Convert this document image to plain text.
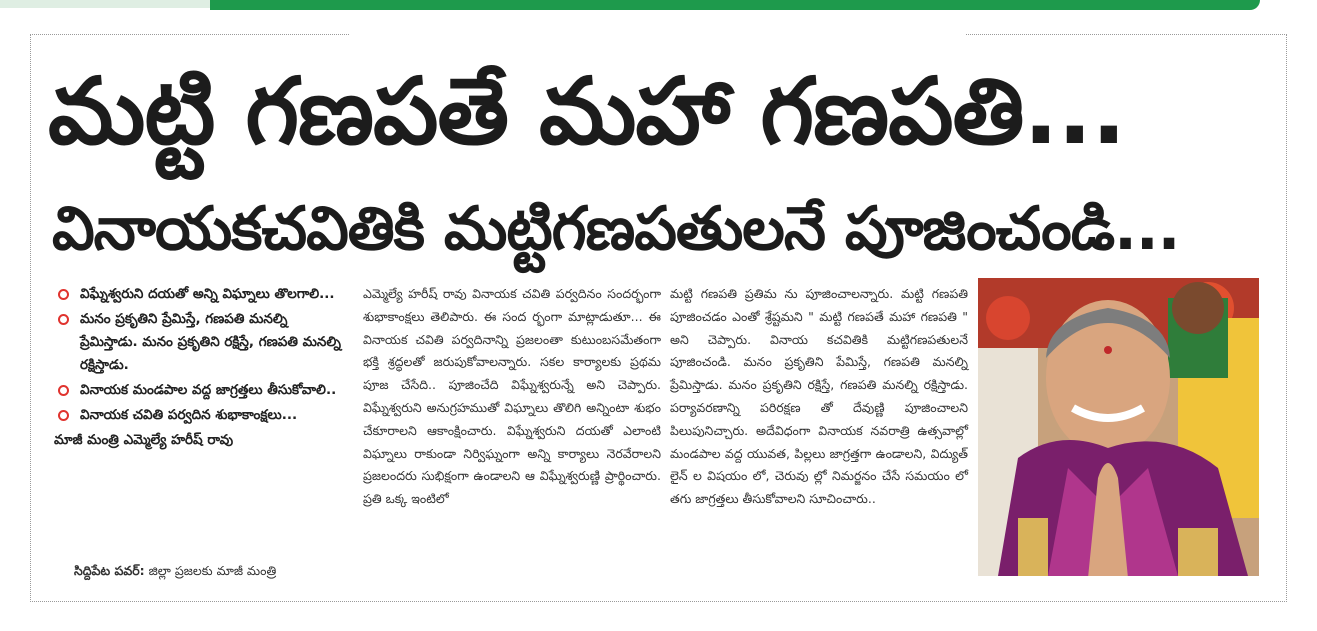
మట్టి గణపతే మహా గణపతి...
వినాయకచవితికి మట్టిగణపతులనే పూజించండి...
విఘ్నేశ్వరుని దయతో అన్ని విఘ్నాలు తొలగాలి...
మనం ప్రకృతిని ప్రేమిస్తే, గణపతి మనల్ని ప్రేమిస్తాడు. మనం ప్రకృతిని రక్షిస్తే, గణపతి మనల్ని రక్షిస్తాడు.
వినాయక మండపాల వద్ద జాగ్రత్తలు తీసుకోవాలి..
వినాయక చవితి పర్వదిన శుభాకాంక్షలు...
మాజీ మంత్రి ఎమ్మెల్యే హరీష్ రావు
సిద్దిపేట పవర్: జిల్లా ప్రజలకు మాజీ మంత్రి
ఎమ్మెల్యే హరీష్ రావు వినాయక చవితి పర్వదినం సందర్భంగా శుభాకాంక్షలు తెలిపారు. ఈ సంద ర్భంగా మాట్లాడుతూ... ఈ వినాయక చవితి పర్వదినాన్ని ప్రజలంతా కుటుంబసమేతంగా భక్తి శ్రద్ధలతో జరుపుకోవాలన్నారు. సకల కార్యాలకు ప్రథమ పూజ చేసేది.. పూజించేది విఘ్నేశ్వరున్నే అని చెప్పారు. విఘ్నేశ్వరుని అనుగ్రహముతో విఘ్నాలు తొలిగి అన్నింటా శుభం చేకూరాలని ఆకాంక్షించారు. విఘ్నేశ్వరుని దయతో ఎలాంటి విఘ్నాలు రాకుండా నిర్విఘ్నంగా అన్ని కార్యాలు నెరవేరాలని ప్రజలందరు సుభిక్షంగా ఉండాలని ఆ విఘ్నేశ్వరుణ్ణి ప్రార్థించారు. ప్రతి ఒక్క ఇంటిలో
మట్టి గణపతి ప్రతిమ ను పూజించాలన్నారు. మట్టి గణపతి పూజించడం ఎంతో శ్రేష్టమని " మట్టి గణపతే మహా గణపతి " అని చెప్పారు. వినాయ కచవితికి మట్టిగణపతులనే పూజించండి. మనం ప్రకృతిని పేమిస్తే, గణపతి మనల్ని ప్రేమిస్తాడు. మనం ప్రకృతిని రక్షిస్తే, గణపతి మనల్ని రక్షిస్తాడు. పర్యావరణాన్ని పరిరక్షణ తో దేవుణ్ణి పూజించాలని పిలుపునిచ్చారు. అదేవిధంగా వినాయక నవరాత్రి ఉత్సవాల్లో మండపాల వద్ద యువత, పిల్లలు జాగ్రత్తగా ఉండాలని, విద్యుత్ లైన్ ల విషయం లో, చెరువు ల్లో నిమర్జనం చేసే సమయం లో తగు జాగ్రత్తలు తీసుకోవాలని సూచించారు..
